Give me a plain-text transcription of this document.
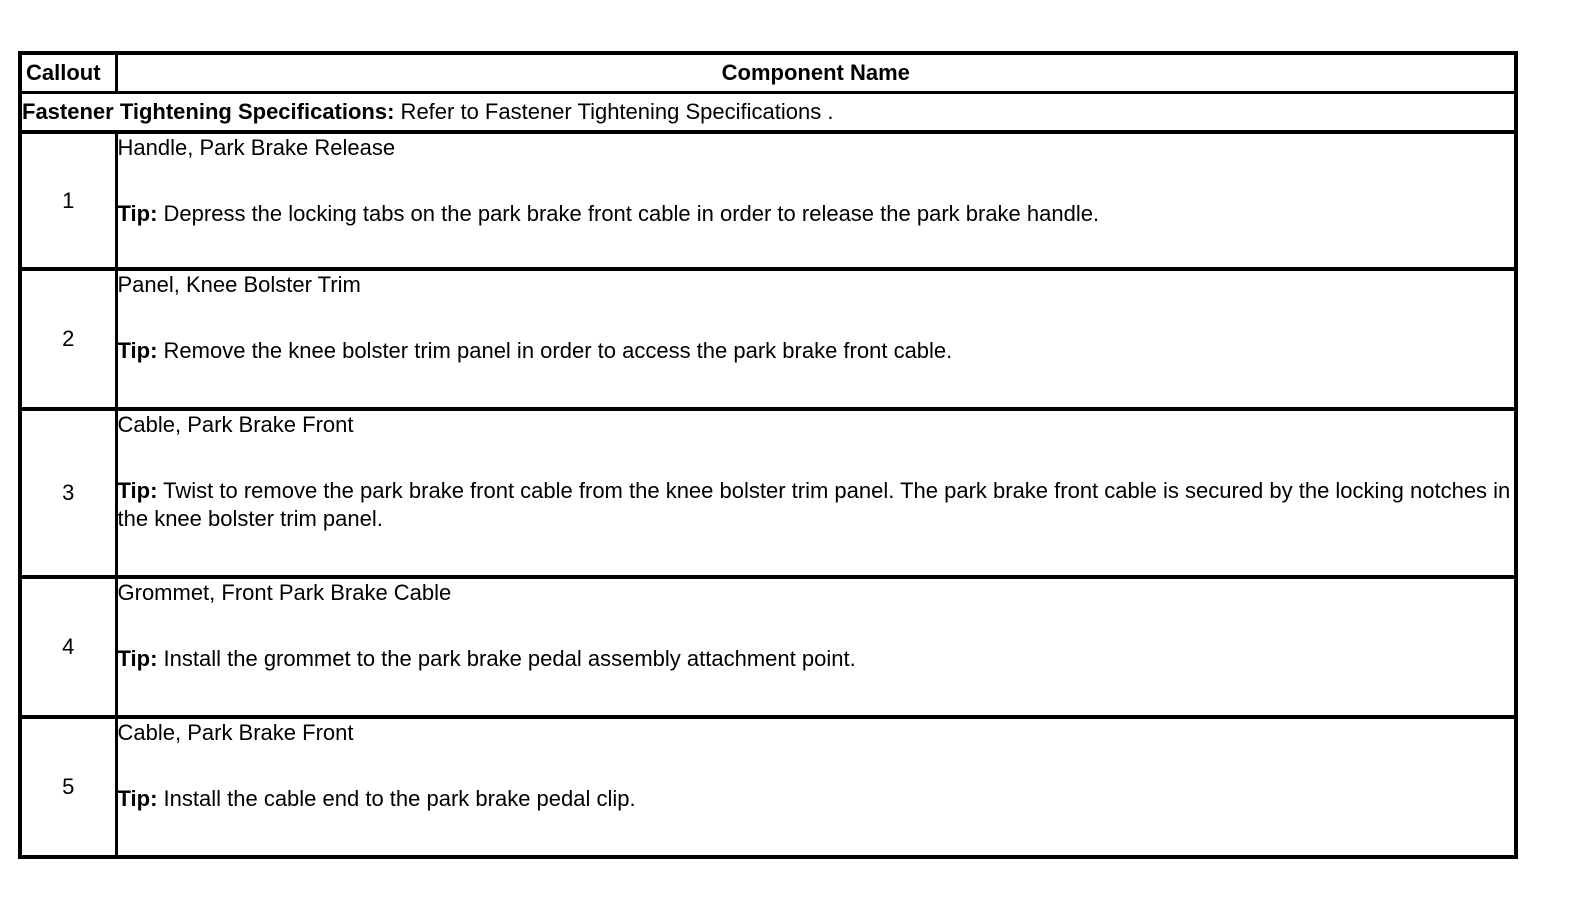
Callout	Component Name
Fastener Tightening Specifications: Refer to Fastener Tightening Specifications .	
1	Handle, Park Brake Release
Tip: Depress the locking tabs on the park brake front cable in order to release the park brake handle.

2	Panel, Knee Bolster Trim
Tip: Remove the knee bolster trim panel in order to access the park brake front cable.

3	Cable, Park Brake Front
Tip: Twist to remove the park brake front cable from the knee bolster trim panel. The park brake front cable is secured by the locking notches in the knee bolster trim panel.

4	Grommet, Front Park Brake Cable
Tip: Install the grommet to the park brake pedal assembly attachment point.

5	Cable, Park Brake Front
Tip: Install the cable end to the park brake pedal clip.
